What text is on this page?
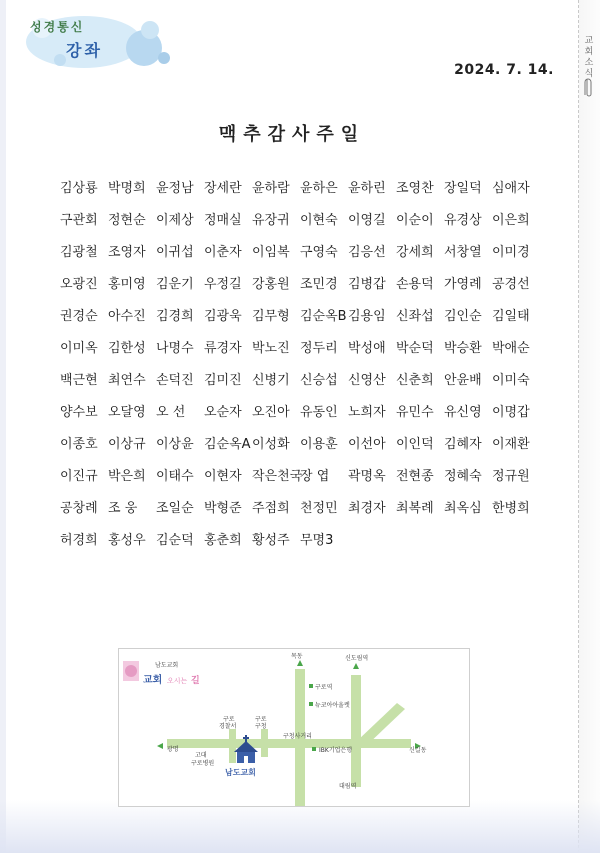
교회소식
성경통신
강좌
2024. 7. 14.
맥추감사주일
김상룡 박명희 윤정남 장세란 윤하람 윤하은 윤하린 조영찬 장일덕 심애자
구관회 정현순 이제상 정매실 유장귀 이현숙 이영길 이순이 유경상 이은희
김광철 조영자 이귀섭 이춘자 이임복 구영숙 김응선 강세희 서창열 이미경
오광진 홍미영 김운기 우정길 강홍원 조민경 김병갑 손용덕 가영례 공경선
권경순 아수진 김경희 김광욱 김무형 김순옥B김용임 신좌섭 김인순 김일태
이미옥 김한성 나명수 류경자 박노진 정두리 박성애 박순덕 박승환 박애순
백근현 최연수 손덕진 김미진 신병기 신승섭 신영산 신춘희 안윤배 이미숙
양수보 오달영 오 선 오순자 오진아 유동인 노희자 유민수 유신영 이명갑
이종호 이상규 이상윤 김순옥A이성화 이용훈 이선아 이인덕 김혜자 이재환
이진규 박은희 이태수 이현자 작은천국장 엽 곽명옥 전현종 정혜숙 정규원
공창례 조 웅 조일순 박형준 주점희 천정민 최경자 최복례 최옥심 한병희
허경희 홍성우 김순덕 홍춘희 황성주 무명3
남도교회
교회 오시는 길
목동	신도림역
구로역
뉴코아아울렛
구로
경찰서
구로
구청
구청사거리
광명
고대
구로병원
IBK기업은행	신길동
대림역
남도교회
